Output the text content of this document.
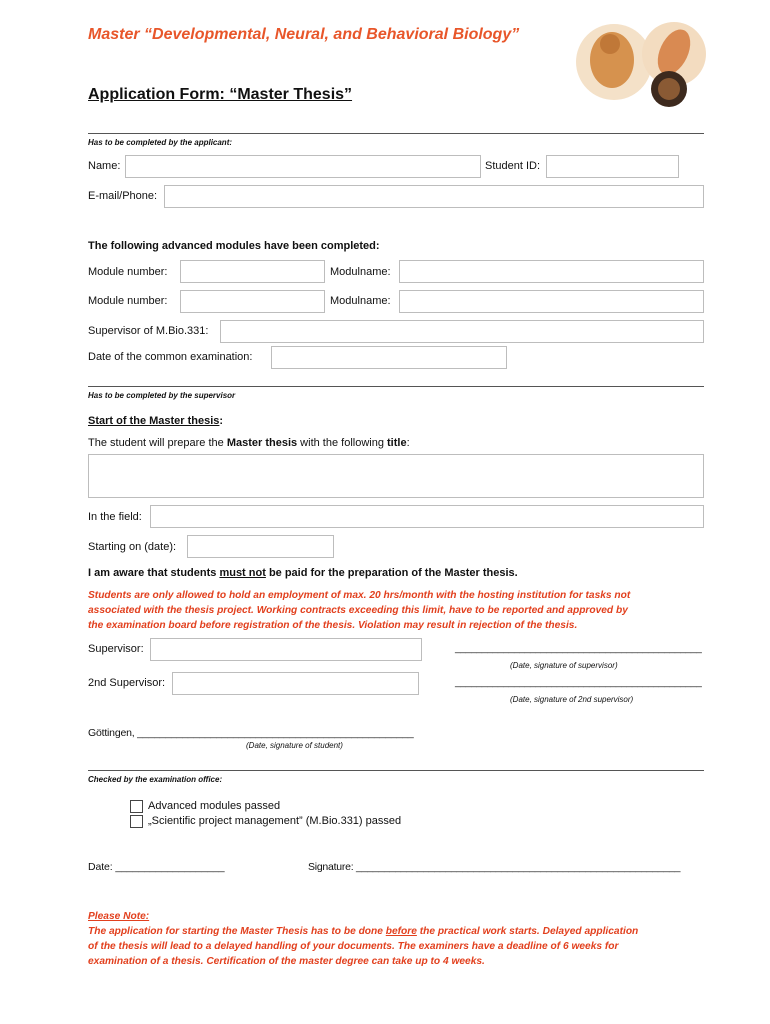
Master “Developmental, Neural, and Behavioral Biology”
Application Form: “Master Thesis”
Has to be completed by the applicant:
Name:	Student ID:
E-mail/Phone:
The following advanced modules have been completed:
Module number:	Modulname:
Module number:	Modulname:
Supervisor of M.Bio.331:
Date of the common examination:
Has to be completed by the supervisor
Start of the Master thesis:
The student will prepare the Master thesis with the following title:
In the field:
Starting on (date):
I am aware that students must not be paid for the preparation of the Master thesis.
Students are only allowed to hold an employment of max. 20 hrs/month with the hosting institution for tasks not
associated with the thesis project. Working contracts exceeding this limit, have to be reported and approved by
the examination board before registration of the thesis. Violation may result in rejection of the thesis.
Supervisor:	______________________________________________
(Date, signature of supervisor)
2nd Supervisor:	______________________________________________
(Date, signature of 2nd supervisor)
Göttingen, _________________________________________________
(Date, signature of student)
Checked by the examination office:
Advanced modules passed
„Scientific project management” (M.Bio.331) passed
Date: ___________________	Signature: __________________________________________________________
Please Note:
The application for starting the Master Thesis has to be done before the practical work starts. Delayed application
of the thesis will lead to a delayed handling of your documents. The examiners have a deadline of 6 weeks for
examination of a thesis. Certification of the master degree can take up to 4 weeks.
